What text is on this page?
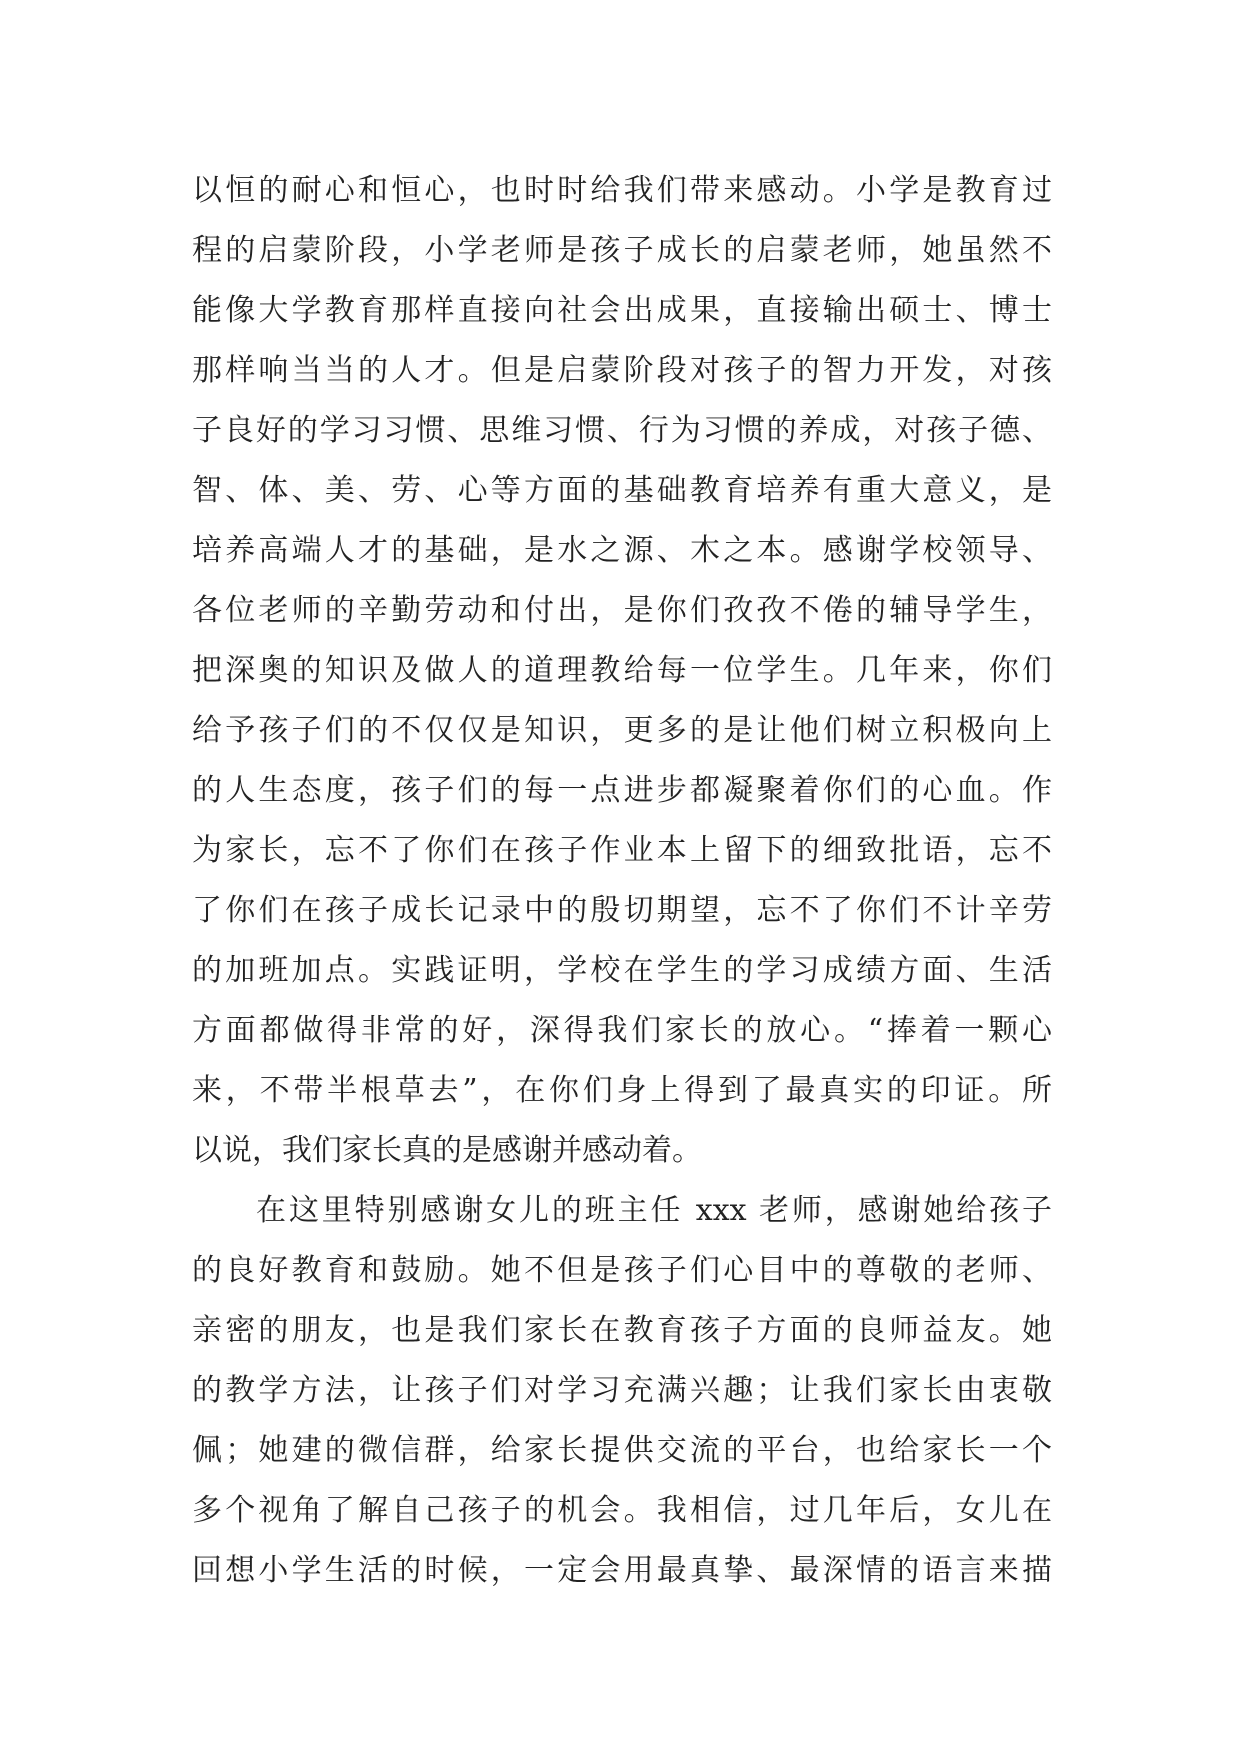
以恒的耐心和恒心，也时时给我们带来感动。小学是教育过
程的启蒙阶段，小学老师是孩子成长的启蒙老师，她虽然不
能像大学教育那样直接向社会出成果，直接输出硕士、博士
那样响当当的人才。但是启蒙阶段对孩子的智力开发，对孩
子良好的学习习惯、思维习惯、行为习惯的养成，对孩子德、
智、体、美、劳、心等方面的基础教育培养有重大意义，是
培养高端人才的基础，是水之源、木之本。感谢学校领导、
各位老师的辛勤劳动和付出，是你们孜孜不倦的辅导学生，
把深奥的知识及做人的道理教给每一位学生。几年来，你们
给予孩子们的不仅仅是知识，更多的是让他们树立积极向上
的人生态度，孩子们的每一点进步都凝聚着你们的心血。作
为家长，忘不了你们在孩子作业本上留下的细致批语，忘不
了你们在孩子成长记录中的殷切期望，忘不了你们不计辛劳
的加班加点。实践证明，学校在学生的学习成绩方面、生活
方面都做得非常的好，深得我们家长的放心。“捧着一颗心
来，不带半根草去”，在你们身上得到了最真实的印证。所
以说，我们家长真的是感谢并感动着。
在这里特别感谢女儿的班主任 xxx 老师，感谢她给孩子
的良好教育和鼓励。她不但是孩子们心目中的尊敬的老师、
亲密的朋友，也是我们家长在教育孩子方面的良师益友。她
的教学方法，让孩子们对学习充满兴趣；让我们家长由衷敬
佩；她建的微信群，给家长提供交流的平台，也给家长一个
多个视角了解自己孩子的机会。我相信，过几年后，女儿在
回想小学生活的时候，一定会用最真挚、最深情的语言来描
